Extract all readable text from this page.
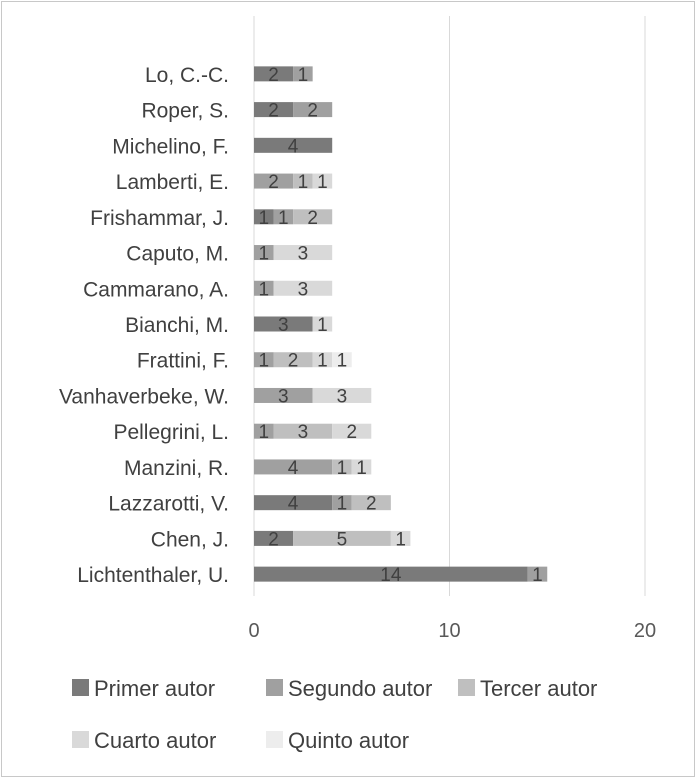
14	1
2	5	1
4 1 2
4 1 1
1 3 2
3	3
1 2 1 1
3 1
1 3
1 3
1 1 2
2 1 1
4
2 2
2 1
Lichtenthaler, U.
Chen, J.
Lazzarotti, V.
Manzini, R.
Pellegrini, L.
Vanhaverbeke, W.
Frattini, F.
Bianchi, M.
Cammarano, A.
Caputo, M.
Frishammar, J.
Lamberti, E.
Michelino, F.
Roper, S.
Lo, C.-C.
0	10	20
Primer autor	Segundo autor Tercer autor
Cuarto autor	Quinto autor
